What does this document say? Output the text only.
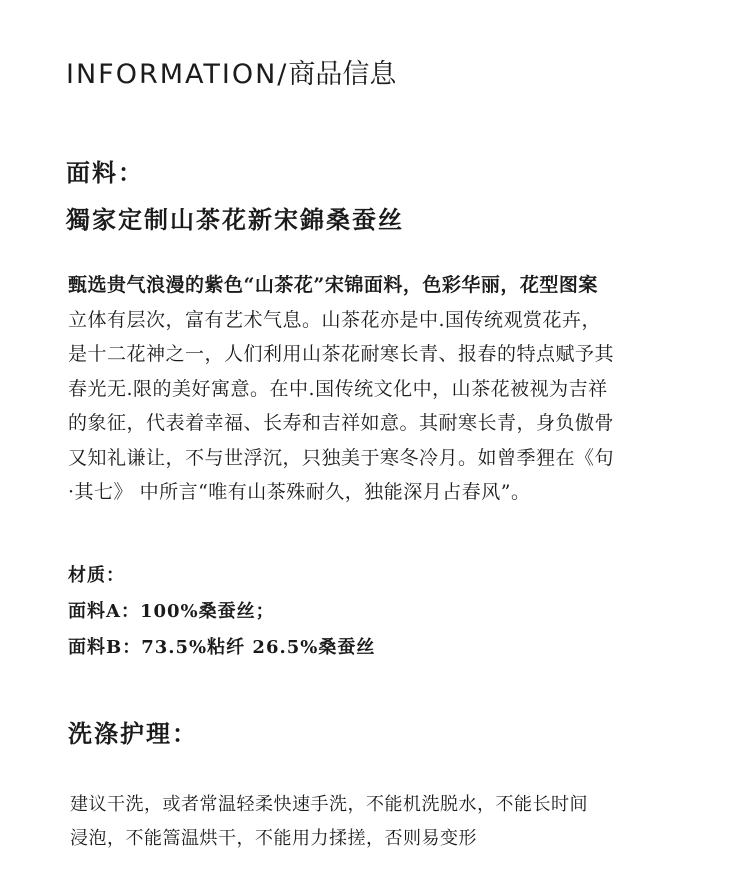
INFORMATION/商品信息
面料：
獨家定制山茶花新宋錦桑蚕丝
甄选贵气浪漫的紫色“山茶花”宋锦面料，色彩华丽，花型图案
立体有层次，富有艺术气息。山茶花亦是中.国传统观赏花卉，
是十二花神之一，人们利用山茶花耐寒长青、报春的特点赋予其
春光无.限的美好寓意。在中.国传统文化中，山茶花被视为吉祥
的象征，代表着幸福、长寿和吉祥如意。其耐寒长青，身负傲骨
又知礼谦让，不与世浮沉，只独美于寒冬冷月。如曾季狸在《句
·其七》 中所言“唯有山茶殊耐久，独能深月占春风”。
材质：
面料A：100%桑蚕丝；
面料B：73.5%粘纤 26.5%桑蚕丝
洗涤护理：
建议干洗，或者常温轻柔快速手洗，不能机洗脱水，不能长时间
浸泡，不能篙温烘干，不能用力揉搓，否则易变形
